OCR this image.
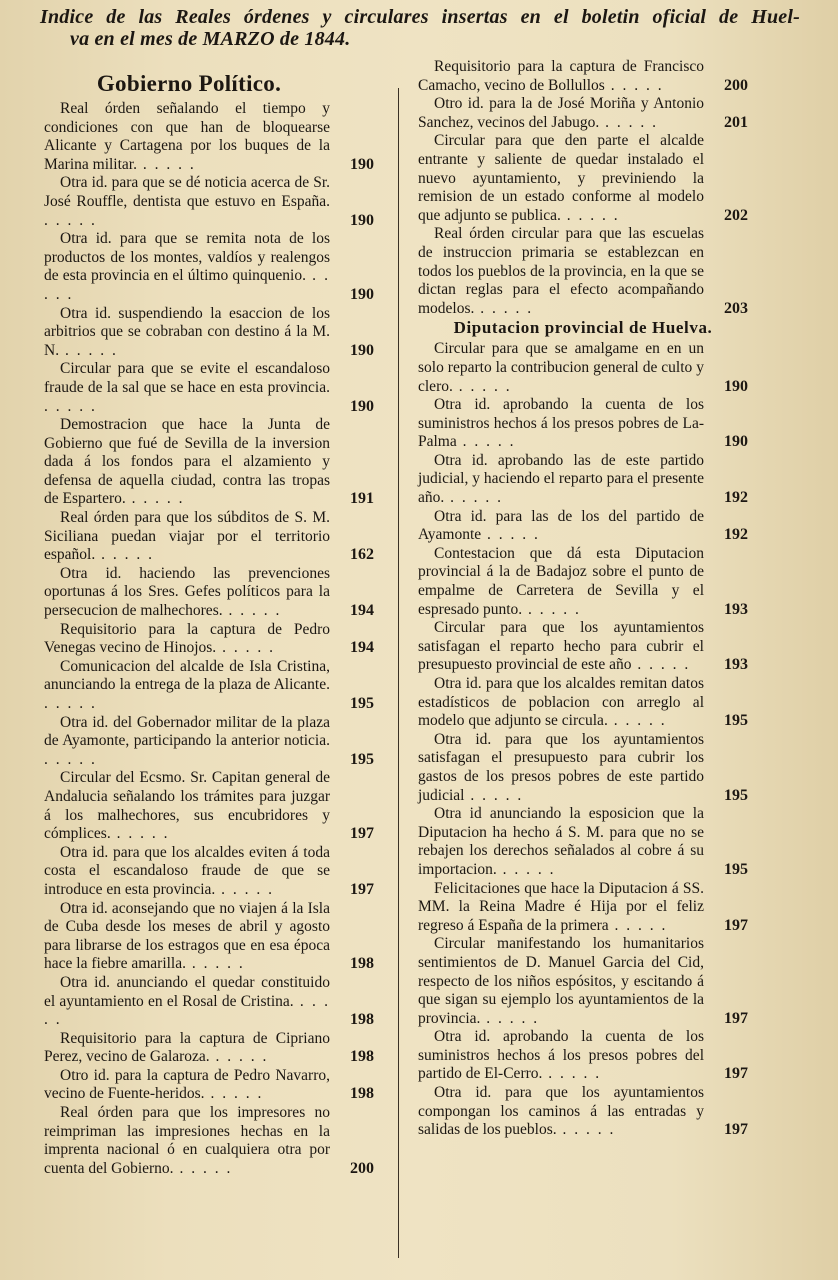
Indice de las Reales órdenes y circulares insertas en el boletin oficial de Huel-
va en el mes de MARZO de 1844.
Gobierno Político.

Real órden señalando el tiempo y condiciones con que han de bloquearse Alicante y Cartagena por los buques de la Marina militar. . . . . .	190

Otra id. para que se dé noticia acerca de Sr. José Rouffle, dentista que estuvo en España. . . . . .	190

Otra id. para que se remita nota de los productos de los montes, valdíos y realengos de esta provincia en el último quinquenio. . . . . .	190

Otra id. suspendiendo la esaccion de los arbitrios que se cobraban con destino á la M. N. . . . . .	190

Circular para que se evite el escandaloso fraude de la sal que se hace en esta provincia. . . . . .	190

Demostracion que hace la Junta de Gobierno que fué de Sevilla de la inversion dada á los fondos para el alzamiento y defensa de aquella ciudad, contra las tropas de Espartero. . . . . .	191

Real órden para que los súbditos de S. M. Siciliana puedan viajar por el territorio español. . . . . .	162

Otra id. haciendo las prevenciones oportunas á los Sres. Gefes políticos para la persecucion de malhechores. . . . . .	194

Requisitorio para la captura de Pedro Venegas vecino de Hinojos. . . . . .	194

Comunicacion del alcalde de Isla Cristina, anunciando la entrega de la plaza de Alicante. . . . . .	195

Otra id. del Gobernador militar de la plaza de Ayamonte, participando la anterior noticia. . . . . .	195

Circular del Ecsmo. Sr. Capitan general de Andalucia señalando los trámites para juzgar á los malhechores, sus encubridores y cómplices. . . . . .	197

Otra id. para que los alcaldes eviten á toda costa el escandaloso fraude de que se introduce en esta provincia. . . . . .	197

Otra id. aconsejando que no viajen á la Isla de Cuba desde los meses de abril y agosto para librarse de los estragos que en esa época hace la fiebre amarilla. . . . . .	198

Otra id. anunciando el quedar constituido el ayuntamiento en el Rosal de Cristina. . . . . .	198

Requisitorio para la captura de Cipriano Perez, vecino de Galaroza. . . . . .	198

Otro id. para la captura de Pedro Navarro, vecino de Fuente-heridos. . . . . .	198

Real órden para que los impresores no reimpriman las impresiones hechas en la imprenta nacional ó en cualquiera otra por cuenta del Gobierno. . . . . .	200

Requisitorio para la captura de Francisco Camacho, vecino de Bollullos . . . . .	200

Otro id. para la de José Moriña y Antonio Sanchez, vecinos del Jabugo. . . . . .	201

Circular para que den parte el alcalde entrante y saliente de quedar instalado el nuevo ayuntamiento, y previniendo la remision de un estado conforme al modelo que adjunto se publica. . . . . .	202

Real órden circular para que las escuelas de instruccion primaria se establezcan en todos los pueblos de la provincia, en la que se dictan reglas para el efecto acompañando modelos. . . . . .	203

Diputacion provincial de Huelva.

Circular para que se amalgame en en un solo reparto la contribucion general de culto y clero. . . . . .	190

Otra id. aprobando la cuenta de los suministros hechos á los presos pobres de La-Palma . . . . .	190

Otra id. aprobando las de este partido judicial, y haciendo el reparto para el presente año. . . . . .	192

Otra id. para las de los del partido de Ayamonte . . . . .	192

Contestacion que dá esta Diputacion provincial á la de Badajoz sobre el punto de empalme de Carretera de Sevilla y el espresado punto. . . . . .	193

Circular para que los ayuntamientos satisfagan el reparto hecho para cubrir el presupuesto provincial de este año . . . . .	193

Otra id. para que los alcaldes remitan datos estadísticos de poblacion con arreglo al modelo que adjunto se circula. . . . . .	195

Otra id. para que los ayuntamientos satisfagan el presupuesto para cubrir los gastos de los presos pobres de este partido judicial . . . . .	195

Otra id anunciando la esposicion que la Diputacion ha hecho á S. M. para que no se rebajen los derechos señalados al cobre á su importacion. . . . . .	195

Felicitaciones que hace la Diputacion á SS. MM. la Reina Madre é Hija por el feliz regreso á España de la primera . . . . .	197

Circular manifestando los humanitarios sentimientos de D. Manuel Garcia del Cid, respecto de los niños espósitos, y escitando á que sigan su ejemplo los ayuntamientos de la provincia. . . . . .	197

Otra id. aprobando la cuenta de los suministros hechos á los presos pobres del partido de El-Cerro. . . . . .	197

Otra id. para que los ayuntamientos compongan los caminos á las entradas y salidas de los pueblos. . . . . .	197
